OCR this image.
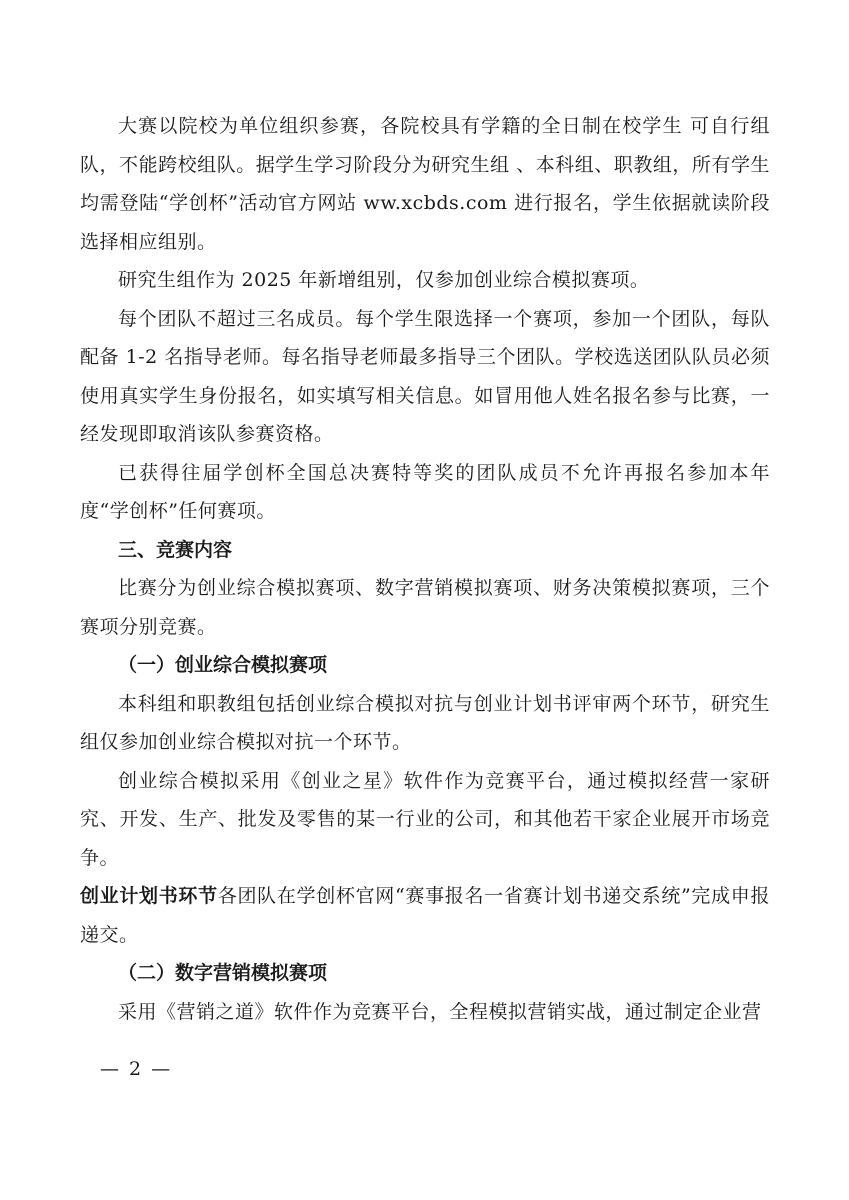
大赛以院校为单位组织参赛，各院校具有学籍的全日制在校学生 可自行组队，不能跨校组队。据学生学习阶段分为研究生组 、本科组、职教组，所有学生均需登陆“学创杯”活动官方网站 ww.xcbds.com 进行报名，学生依据就读阶段选择相应组别。

研究生组作为 2025 年新增组别，仅参加创业综合模拟赛项。

每个团队不超过三名成员。每个学生限选择一个赛项，参加一个团队，每队配备 1-2 名指导老师。每名指导老师最多指导三个团队。学校选送团队队员必须使用真实学生身份报名，如实填写相关信息。如冒用他人姓名报名参与比赛，一经发现即取消该队参赛资格。

已获得往届学创杯全国总决赛特等奖的团队成员不允许再报名参加本年度“学创杯”任何赛项。

三、竞赛内容

比赛分为创业综合模拟赛项、数字营销模拟赛项、财务决策模拟赛项，三个赛项分别竞赛。

（一）创业综合模拟赛项

本科组和职教组包括创业综合模拟对抗与创业计划书评审两个环节，研究生组仅参加创业综合模拟对抗一个环节。

创业综合模拟采用《创业之星》软件作为竞赛平台，通过模拟经营一家研究、开发、生产、批发及零售的某一行业的公司，和其他若干家企业展开市场竞争。

创业计划书环节各团队在学创杯官网“赛事报名一省赛计划书递交系统”完成申报递交。

（二）数字营销模拟赛项

采用《营销之道》软件作为竞赛平台，全程模拟营销实战，通过制定企业营

— 2 —
